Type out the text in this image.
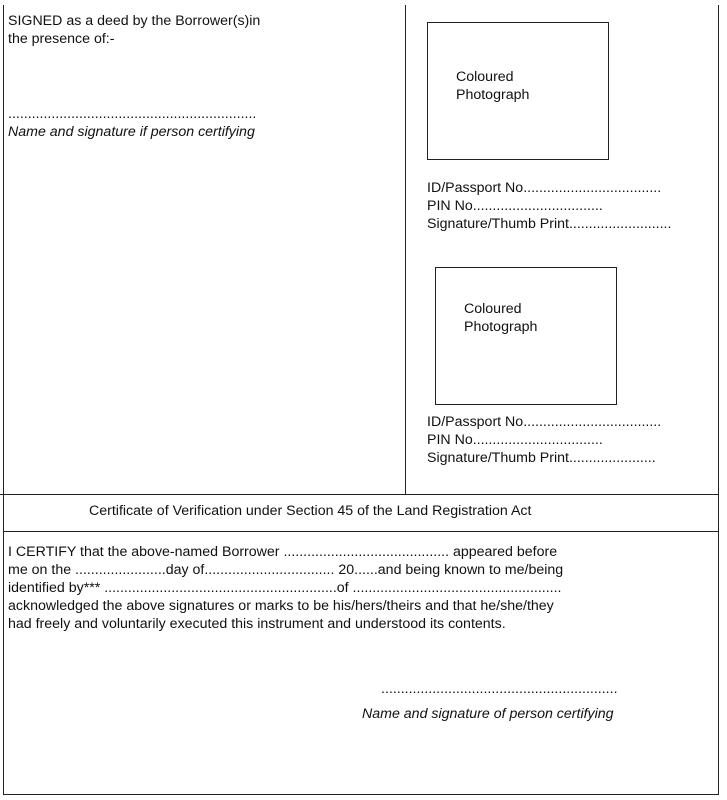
SIGNED as a deed by the Borrower(s)in
the presence of:-
...............................................................
Name and signature if person certifying
Coloured
Photograph
ID/Passport No...................................
PIN No.................................
Signature/Thumb Print..........................
Coloured
Photograph
ID/Passport No...................................
PIN No.................................
Signature/Thumb Print......................
Certificate of Verification under Section 45 of the Land Registration Act
I CERTIFY that the above-named Borrower .......................................... appeared before
me on the .......................day of................................. 20......and being known to me/being
identified by*** ...........................................................of .....................................................
acknowledged the above signatures or marks to be his/hers/theirs and that he/she/they
had freely and voluntarily executed this instrument and understood its contents.
............................................................
Name and signature of person certifying
